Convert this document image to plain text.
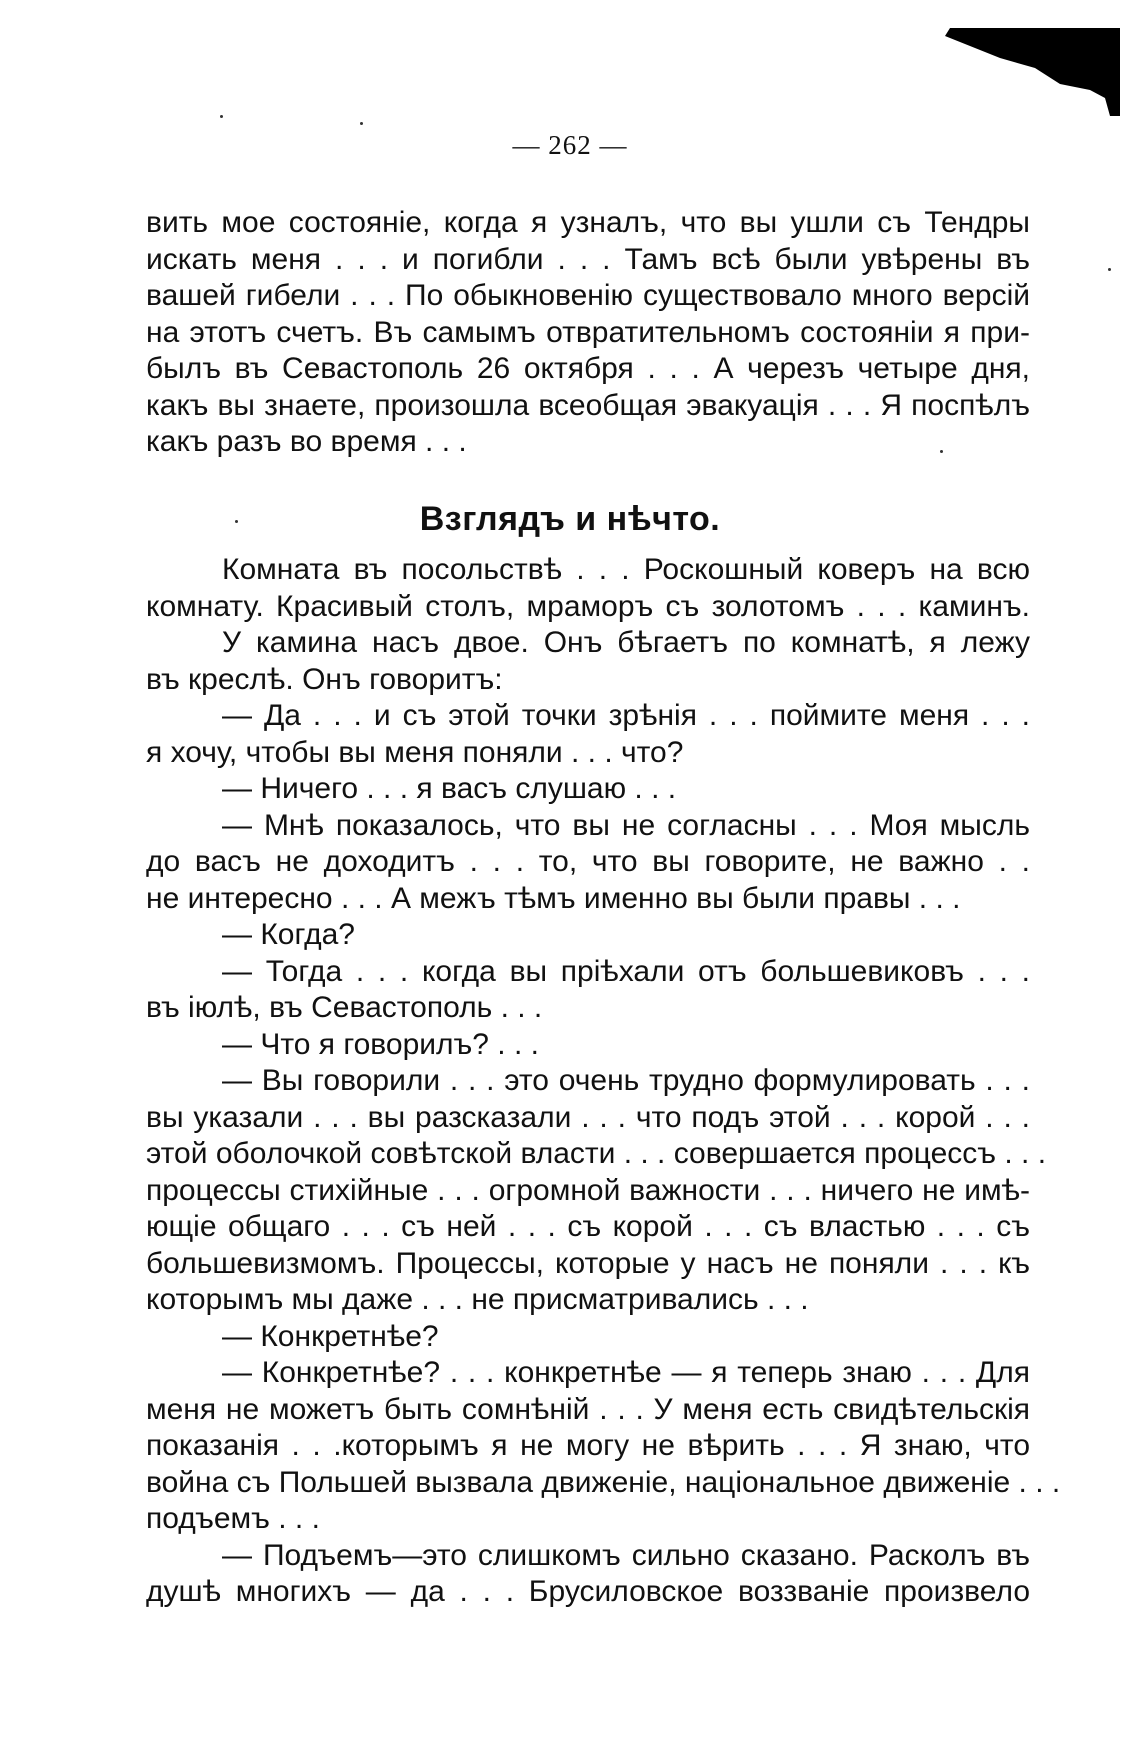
— 262 —
вить мое состоянiе, когда я узналъ, что вы ушли съ Тендры
искать меня . . . и погибли . . . Тамъ всѣ были увѣрены въ
вашей гибели . . . По обыкновенiю существовало много версiй
на этотъ счетъ. Въ самымъ отвратительномъ состоянiи я при-
былъ въ Севастополь 26 октября . . . А черезъ четыре дня,
какъ вы знаете, произошла всеобщая эвакуацiя . . . Я поспѣлъ
какъ разъ во время . . .
Взглядъ и нѣчто.
Комната въ посольствѣ . . . Роскошный коверъ на всю
комнату. Красивый столъ, мраморъ съ золотомъ . . . каминъ.
У камина насъ двое. Онъ бѣгаетъ по комнатѣ, я лежу
въ креслѣ. Онъ говоритъ:
— Да . . . и съ этой точки зрѣнiя . . . поймите меня . . .
я хочу, чтобы вы меня поняли . . . что?
— Ничего . . . я васъ слушаю . . .
— Мнѣ показалось, что вы не согласны . . . Моя мысль
до васъ не доходитъ . . . то, что вы говорите, не важно . .
не интересно . . . А межъ тѣмъ именно вы были правы . . .
— Когда?
— Тогда . . . когда вы прiѣхали отъ большевиковъ . . .
въ iюлѣ, въ Севастополь . . .
— Что я говорилъ? . . .
— Вы говорили . . . это очень трудно формулировать . . .
вы указали . . . вы разсказали . . . что подъ этой . . . корой . . .
этой оболочкой совѣтской власти . . . совершается процессъ . . .
процессы стихiйные . . . огромной важности . . . ничего не имѣ-
ющiе общаго . . . съ ней . . . съ корой . . . съ властью . . . съ
большевизмомъ. Процессы, которые у насъ не поняли . . . къ
которымъ мы даже . . . не присматривались . . .
— Конкретнѣе?
— Конкретнѣе? . . . конкретнѣе — я теперь знаю . . . Для
меня не можетъ быть сомнѣнiй . . . У меня есть свидѣтельскiя
показанiя . . .которымъ я не могу не вѣрить . . . Я знаю, что
война съ Польшей вызвала движенiе, нацiональное движенiе . . .
подъемъ . . .
— Подъемъ—это слишкомъ сильно сказано. Расколъ въ
душѣ многихъ — да . . . Брусиловское воззванiе произвело
